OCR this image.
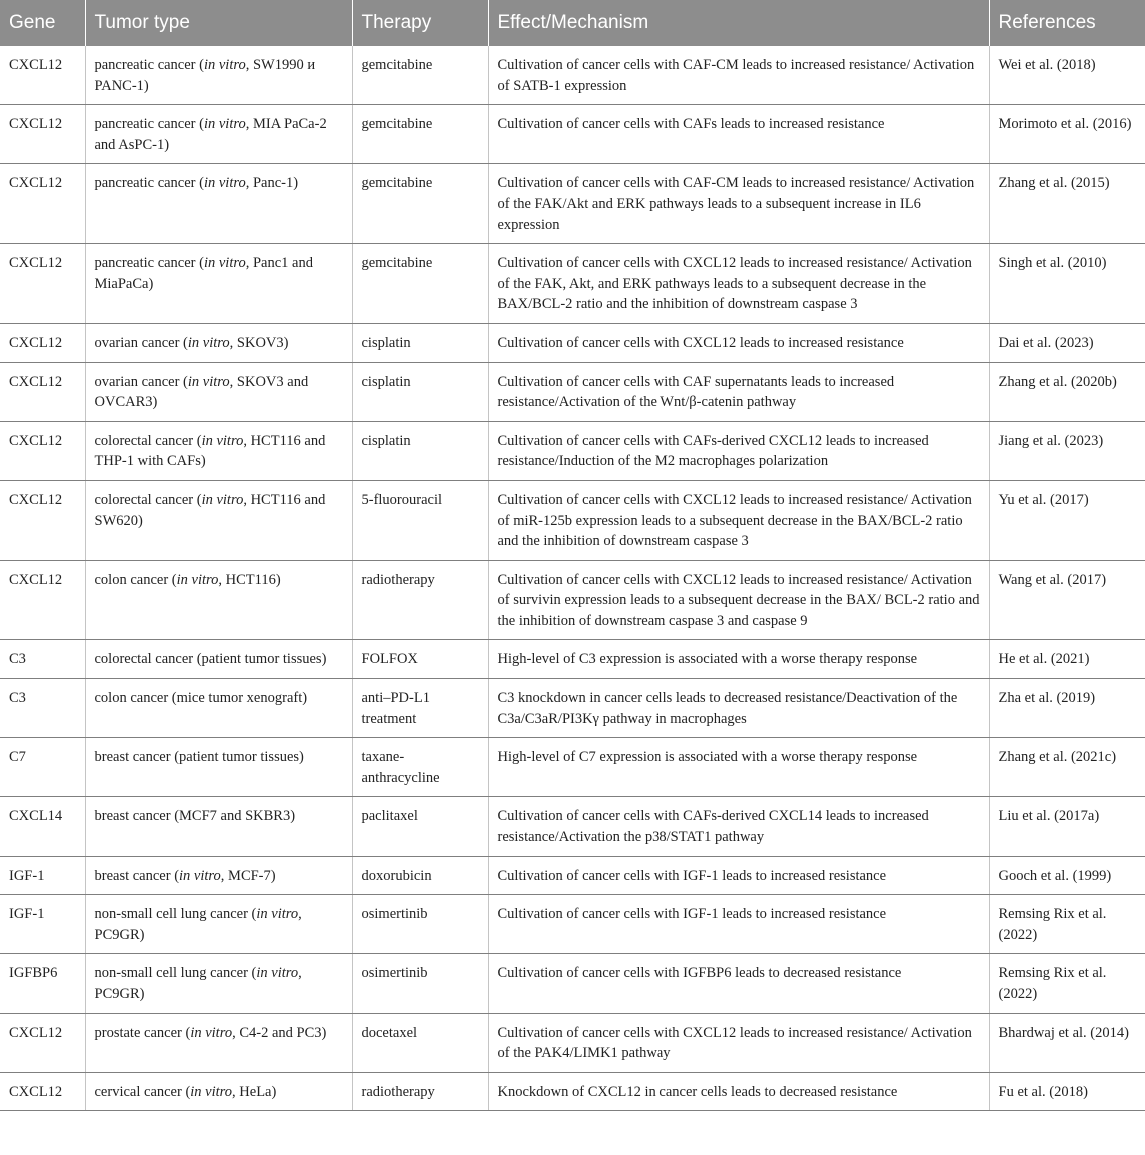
Gene	Tumor type	Therapy	Effect/Mechanism	References
CXCL12	pancreatic cancer (in vitro, SW1990 и PANC-1)	gemcitabine	Cultivation of cancer cells with CAF-CM leads to increased resistance/ Activation of SATB-1 expression	Wei et al. (2018)
CXCL12	pancreatic cancer (in vitro, MIA PaCa-2 and AsPC-1)	gemcitabine	Cultivation of cancer cells with CAFs leads to increased resistance	Morimoto et al. (2016)
CXCL12	pancreatic cancer (in vitro, Panc-1)	gemcitabine	Cultivation of cancer cells with CAF-CM leads to increased resistance/ Activation of the FAK/Akt and ERK pathways leads to a subsequent increase in IL6 expression	Zhang et al. (2015)
CXCL12	pancreatic cancer (in vitro, Panc1 and MiaPaCa)	gemcitabine	Cultivation of cancer cells with CXCL12 leads to increased resistance/ Activation of the FAK, Akt, and ERK pathways leads to a subsequent decrease in the BAX/BCL-2 ratio and the inhibition of downstream caspase 3	Singh et al. (2010)
CXCL12	ovarian cancer (in vitro, SKOV3)	cisplatin	Cultivation of cancer cells with CXCL12 leads to increased resistance	Dai et al. (2023)
CXCL12	ovarian cancer (in vitro, SKOV3 and OVCAR3)	cisplatin	Cultivation of cancer cells with CAF supernatants leads to increased resistance/Activation of the Wnt/β-catenin pathway	Zhang et al. (2020b)
CXCL12	colorectal cancer (in vitro, HCT116 and THP-1 with CAFs)	cisplatin	Cultivation of cancer cells with CAFs-derived CXCL12 leads to increased resistance/Induction of the M2 macrophages polarization	Jiang et al. (2023)
CXCL12	colorectal cancer (in vitro, HCT116 and SW620)	5-fluorouracil	Cultivation of cancer cells with CXCL12 leads to increased resistance/ Activation of miR-125b expression leads to a subsequent decrease in the BAX/BCL-2 ratio and the inhibition of downstream caspase 3	Yu et al. (2017)
CXCL12	colon cancer (in vitro, HCT116)	radiotherapy	Cultivation of cancer cells with CXCL12 leads to increased resistance/ Activation of survivin expression leads to a subsequent decrease in the BAX/ BCL-2 ratio and the inhibition of downstream caspase 3 and caspase 9	Wang et al. (2017)
C3	colorectal cancer (patient tumor tissues)	FOLFOX	High-level of C3 expression is associated with a worse therapy response	He et al. (2021)
C3	colon cancer (mice tumor xenograft)	anti–PD-L1 treatment	C3 knockdown in cancer cells leads to decreased resistance/Deactivation of the C3a/C3aR/PI3Kγ pathway in macrophages	Zha et al. (2019)
C7	breast cancer (patient tumor tissues)	taxane-anthracycline	High-level of C7 expression is associated with a worse therapy response	Zhang et al. (2021c)
CXCL14	breast cancer (MCF7 and SKBR3)	paclitaxel	Cultivation of cancer cells with CAFs-derived CXCL14 leads to increased resistance/Activation the p38/STAT1 pathway	Liu et al. (2017a)
IGF-1	breast cancer (in vitro, MCF-7)	doxorubicin	Cultivation of cancer cells with IGF-1 leads to increased resistance	Gooch et al. (1999)
IGF-1	non-small cell lung cancer (in vitro, PC9GR)	osimertinib	Cultivation of cancer cells with IGF-1 leads to increased resistance	Remsing Rix et al. (2022)
IGFBP6	non-small cell lung cancer (in vitro, PC9GR)	osimertinib	Cultivation of cancer cells with IGFBP6 leads to decreased resistance	Remsing Rix et al. (2022)
CXCL12	prostate cancer (in vitro, C4-2 and PC3)	docetaxel	Cultivation of cancer cells with CXCL12 leads to increased resistance/ Activation of the PAK4/LIMK1 pathway	Bhardwaj et al. (2014)
CXCL12	cervical cancer (in vitro, HeLa)	radiotherapy	Knockdown of CXCL12 in cancer cells leads to decreased resistance	Fu et al. (2018)
